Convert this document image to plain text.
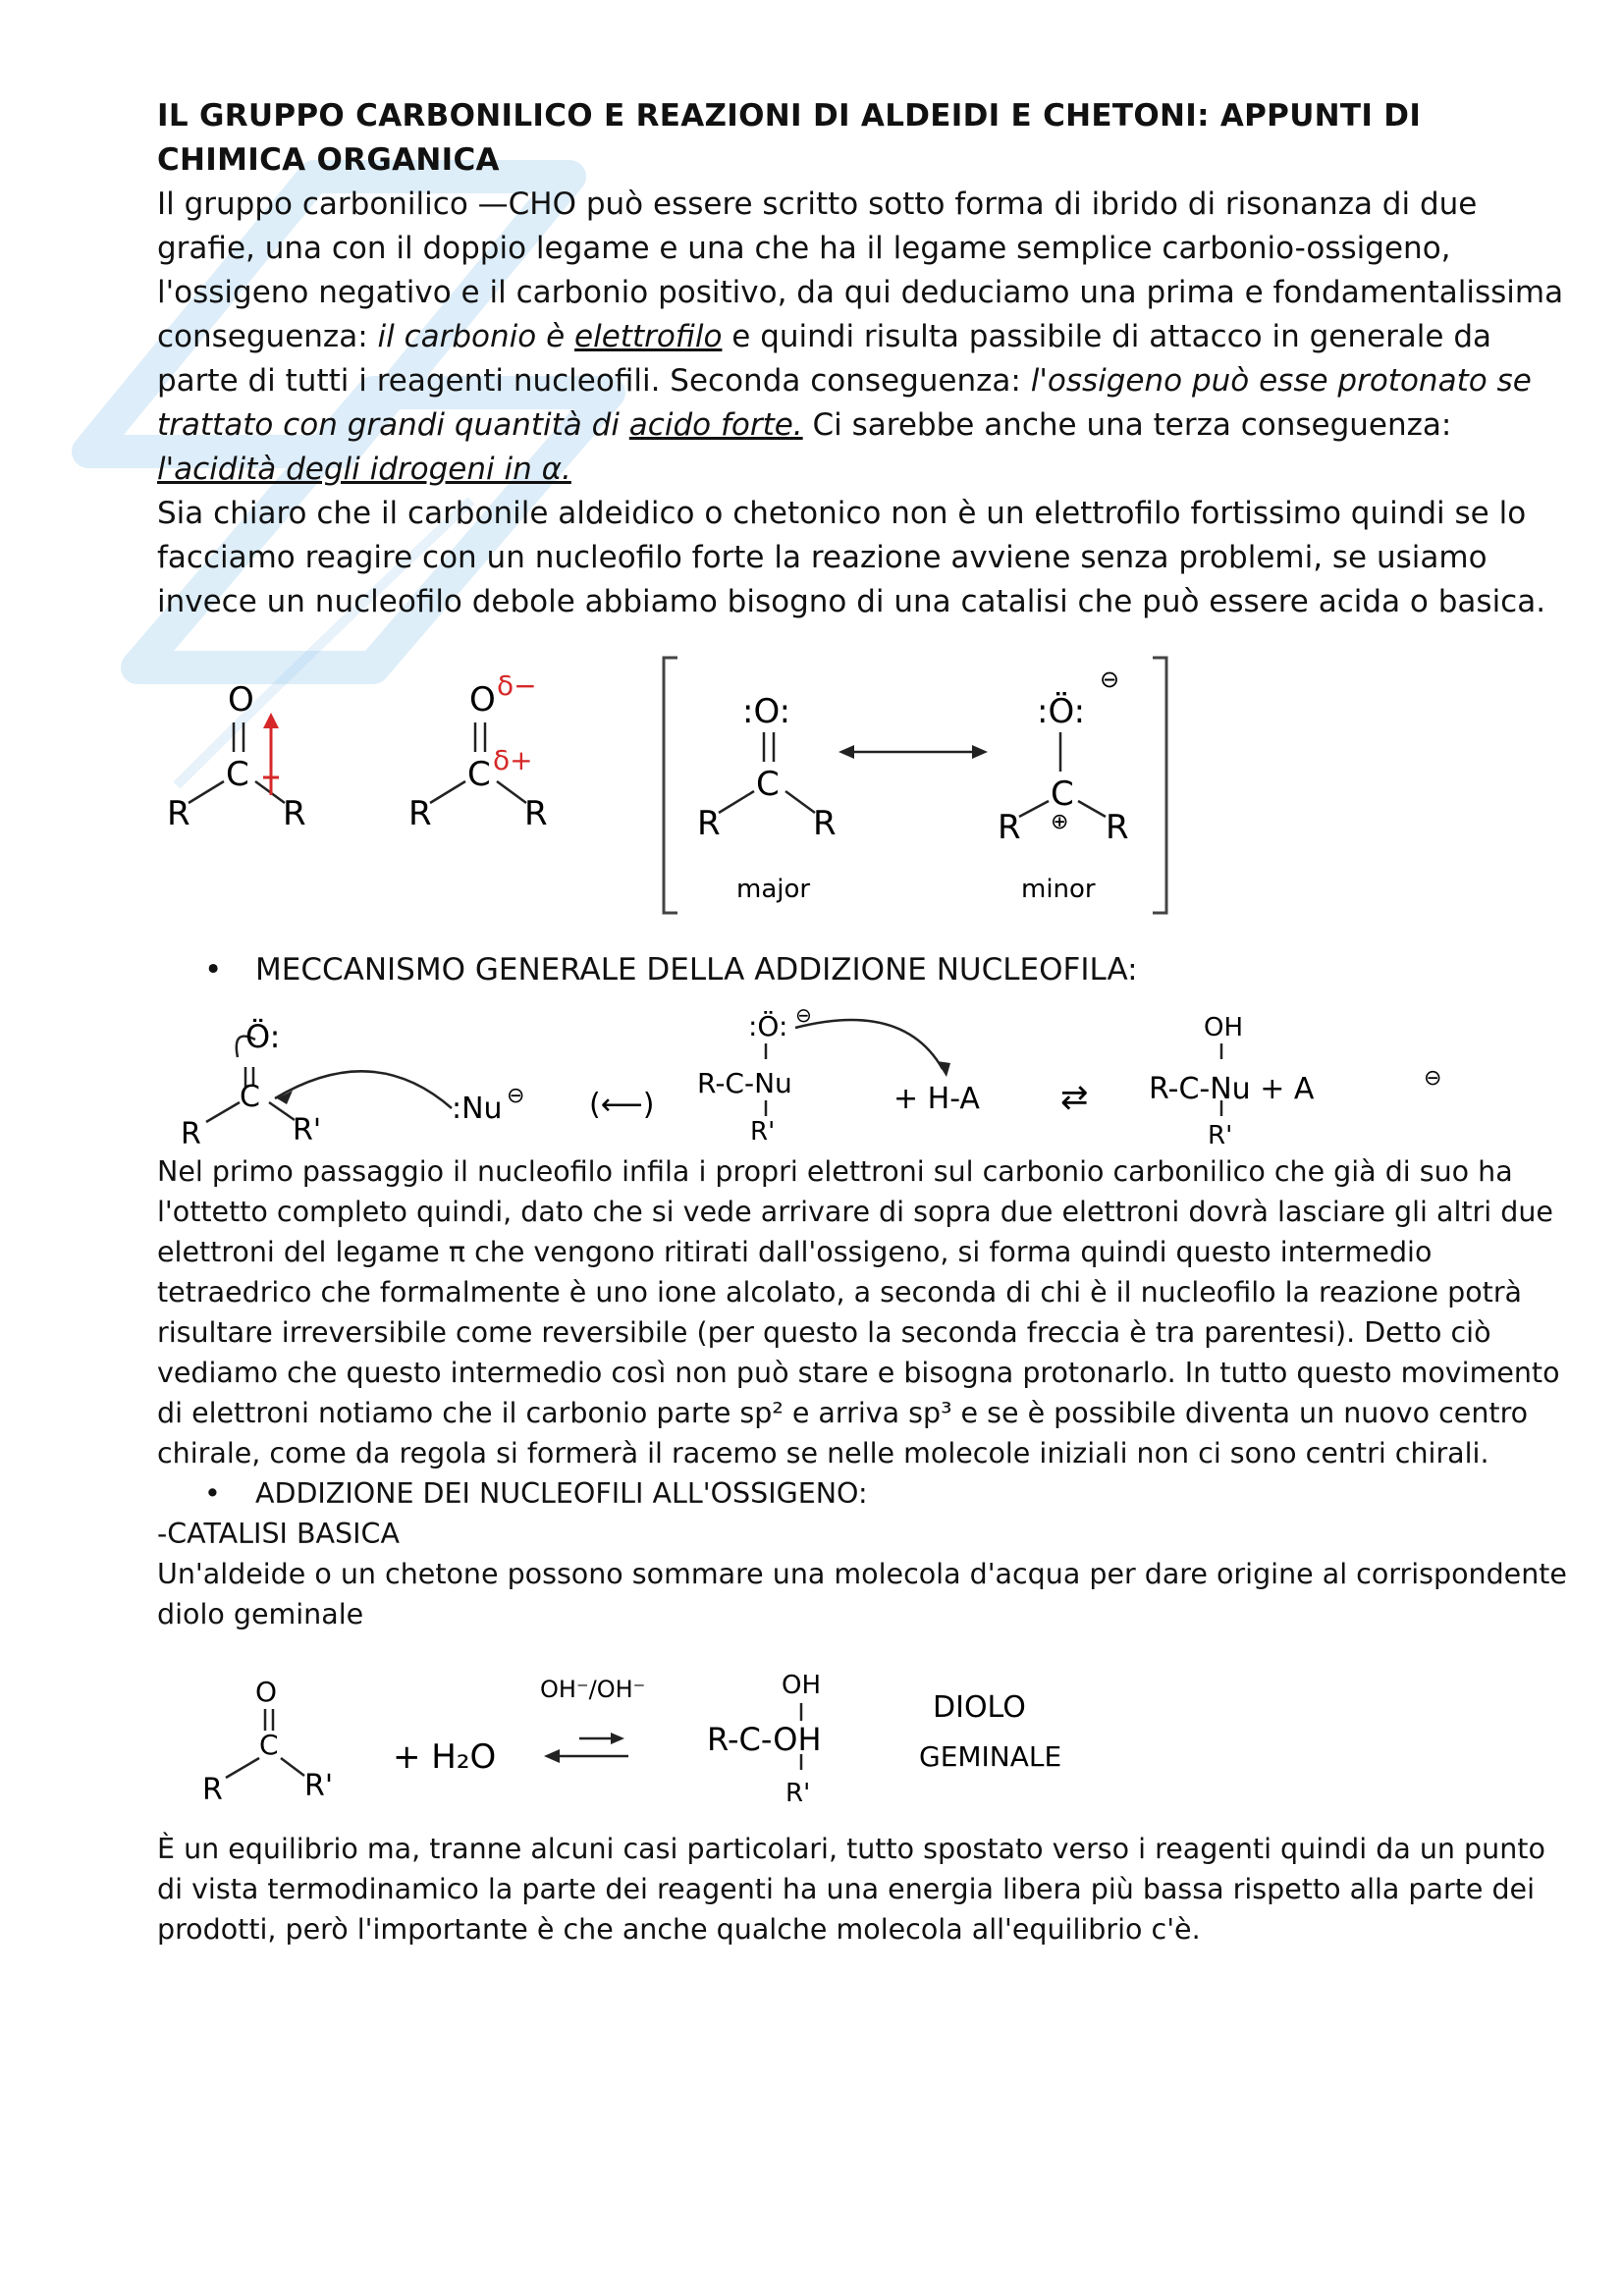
IL GRUPPO CARBONILICO E REAZIONI DI ALDEIDI E CHETONI: APPUNTI DI CHIMICA ORGANICA

Il gruppo carbonilico —CHO può essere scritto sotto forma di ibrido di risonanza di due grafie, una con il doppio legame e una che ha il legame semplice carbonio-ossigeno, l'ossigeno negativo e il carbonio positivo, da qui deduciamo una prima e fondamentalissima conseguenza: il carbonio è elettrofilo e quindi risulta passibile di attacco in generale da parte di tutti i reagenti nucleofili. Seconda conseguenza: l'ossigeno può esse protonato se trattato con grandi quantità di acido forte. Ci sarebbe anche una terza conseguenza: l'acidità degli idrogeni in α.

Sia chiaro che il carbonile aldeidico o chetonico non è un elettrofilo fortissimo quindi se lo facciamo reagire con un nucleofilo forte la reazione avviene senza problemi, se usiamo invece un nucleofilo debole abbiamo bisogno di una catalisi che può essere acida o basica.

O
C
R	R
O δ−
C δ+
R	R
:O:
C
R	R
major
:Ö:
⊖
C
⊕
R	R
minor

• MECCANISMO GENERALE DELLA ADDIZIONE NUCLEOFILA:

Ö:
C
R	R'
:Nu ⊖ (⟵)
:Ö: ⊖
R-C-Nu
R'
+ H-A ⇄
OH
R-C-Nu + A	⊖
R'

Nel primo passaggio il nucleofilo infila i propri elettroni sul carbonio carbonilico che già di suo ha l'ottetto completo quindi, dato che si vede arrivare di sopra due elettroni dovrà lasciare gli altri due elettroni del legame π che vengono ritirati dall'ossigeno, si forma quindi questo intermedio tetraedrico che formalmente è uno ione alcolato, a seconda di chi è il nucleofilo la reazione potrà risultare irreversibile come reversibile (per questo la seconda freccia è tra parentesi). Detto ciò vediamo che questo intermedio così non può stare e bisogna protonarlo. In tutto questo movimento di elettroni notiamo che il carbonio parte sp² e arriva sp³ e se è possibile diventa un nuovo centro chirale, come da regola si formerà il racemo se nelle molecole iniziali non ci sono centri chirali.

• ADDIZIONE DEI NUCLEOFILI ALL'OSSIGENO:

-CATALISI BASICA

Un'aldeide o un chetone possono sommare una molecola d'acqua per dare origine al corrispondente diolo geminale

O
C
R	R'
+ H₂O
OH⁻/OH⁻	OH
R-C-OH
R'
DIOLO
GEMINALE

È un equilibrio ma, tranne alcuni casi particolari, tutto spostato verso i reagenti quindi da un punto di vista termodinamico la parte dei reagenti ha una energia libera più bassa rispetto alla parte dei prodotti, però l'importante è che anche qualche molecola all'equilibrio c'è.
